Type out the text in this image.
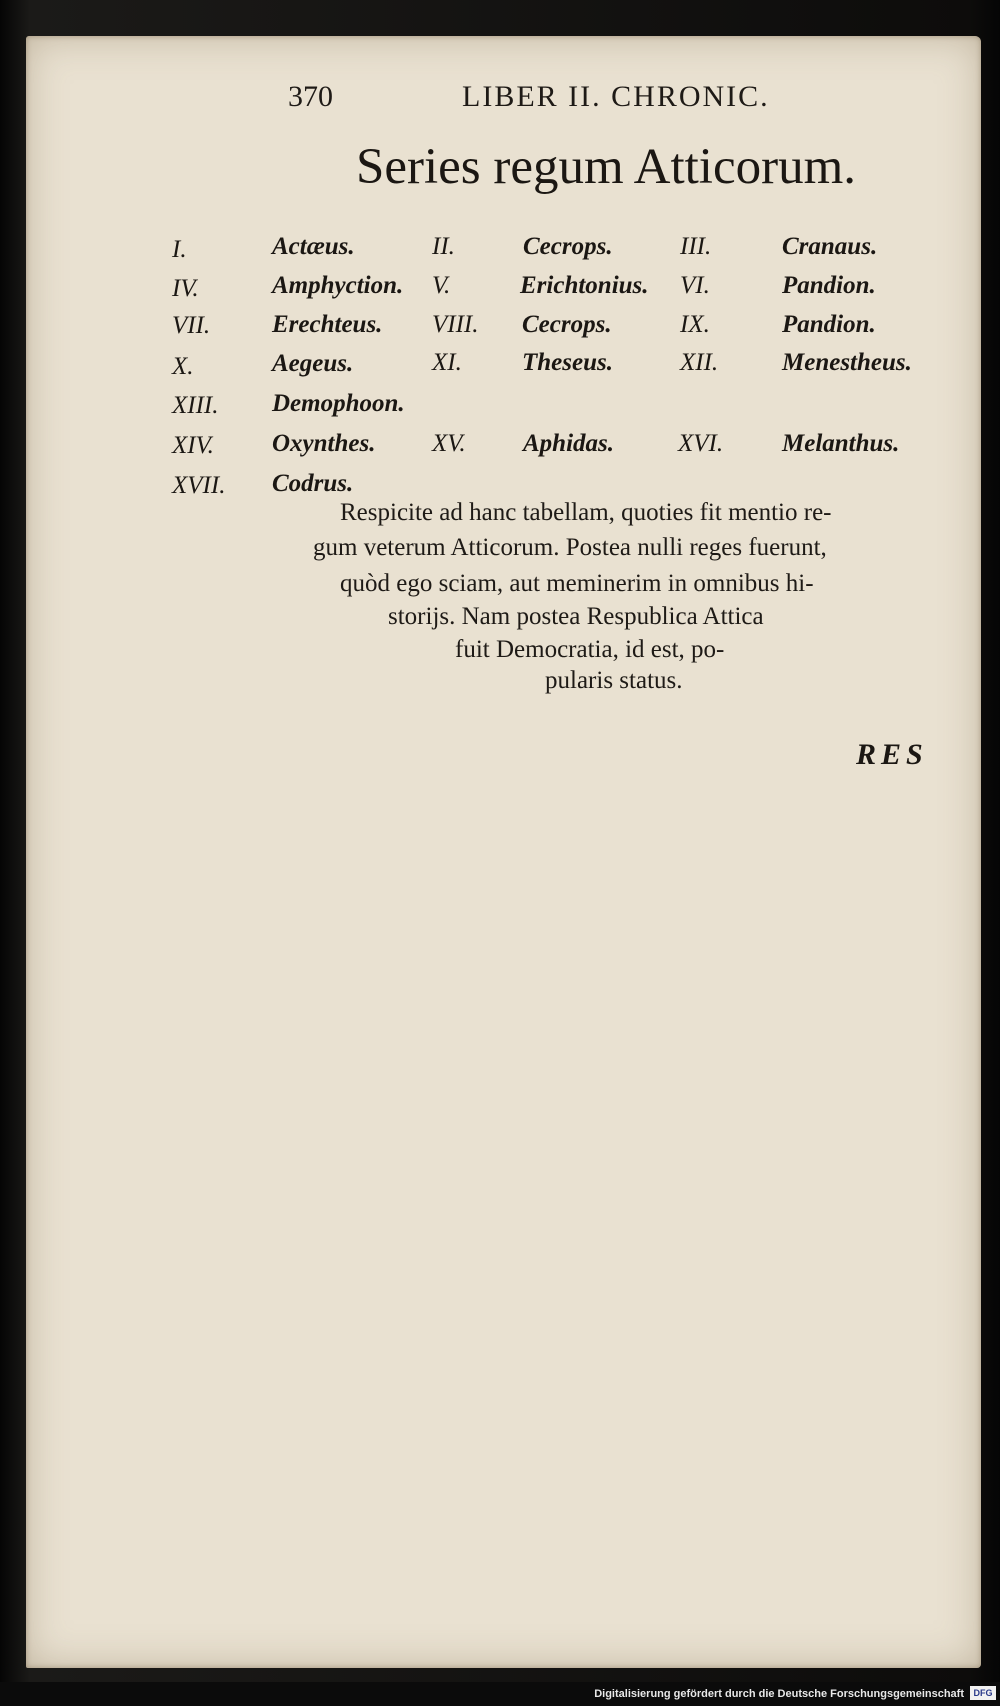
370	LIBER II. CHRONIC.
Series regum Atticorum.
I.	Actæus.	II.	Cecrops.	III.	Cranaus.
IV.	Amphyction. V.	Erichtonius. VI.	Pandion.
VII. Erechteus. VIII. Cecrops.	IX.	Pandion.
X.	Aegeus.	XI. Theseus.	XII.	Menestheus.
XIII. Demophoon.
XIV. Oxynthes. XV. Aphidas.	XVI. Melanthus.
XVII. Codrus.
Respicite ad hanc tabellam, quoties fit mentio re-
gum veterum Atticorum. Postea nulli reges fuerunt,
quòd ego sciam, aut meminerim in omnibus hi-
storijs. Nam postea Respublica Attica
fuit Democratia, id est, po-
pularis status.
RES
Digitalisierung gefördert durch die Deutsche Forschungsgemeinschaft	DFG
